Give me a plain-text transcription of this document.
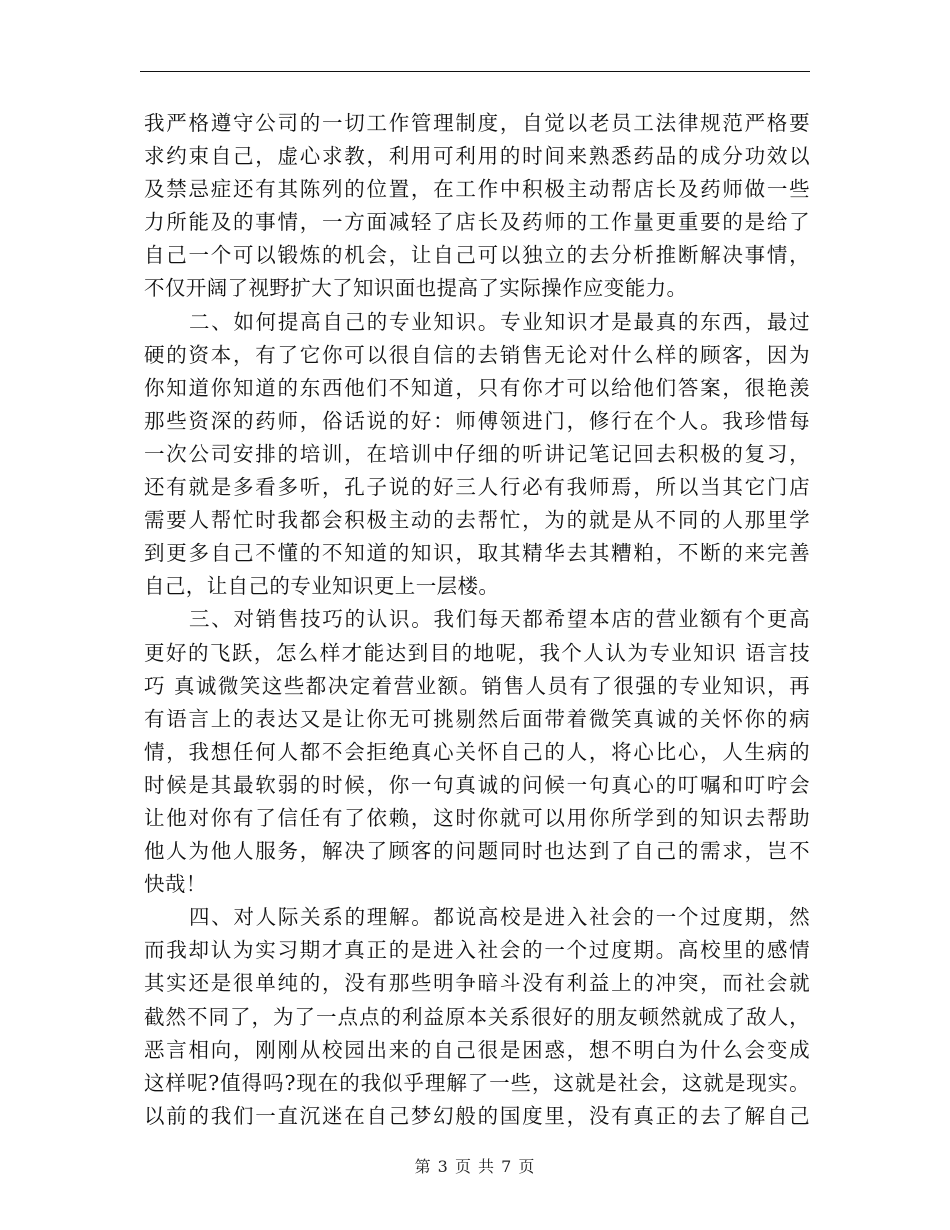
我严格遵守公司的一切工作管理制度，自觉以老员工法律规范严格要
求约束自己，虚心求教，利用可利用的时间来熟悉药品的成分功效以
及禁忌症还有其陈列的位置，在工作中积极主动帮店长及药师做一些
力所能及的事情，一方面减轻了店长及药师的工作量更重要的是给了
自己一个可以锻炼的机会，让自己可以独立的去分析推断解决事情，
不仅开阔了视野扩大了知识面也提高了实际操作应变能力。
二、如何提高自己的专业知识。专业知识才是最真的东西，最过
硬的资本，有了它你可以很自信的去销售无论对什么样的顾客，因为
你知道你知道的东西他们不知道，只有你才可以给他们答案，很艳羡
那些资深的药师，俗话说的好：师傅领进门，修行在个人。我珍惜每
一次公司安排的培训，在培训中仔细的听讲记笔记回去积极的复习，
还有就是多看多听，孔子说的好三人行必有我师焉，所以当其它门店
需要人帮忙时我都会积极主动的去帮忙，为的就是从不同的人那里学
到更多自己不懂的不知道的知识，取其精华去其糟粕，不断的来完善
自己，让自己的专业知识更上一层楼。
三、对销售技巧的认识。我们每天都希望本店的营业额有个更高
更好的飞跃，怎么样才能达到目的地呢，我个人认为专业知识 语言技
巧 真诚微笑这些都决定着营业额。销售人员有了很强的专业知识，再
有语言上的表达又是让你无可挑剔然后面带着微笑真诚的关怀你的病
情，我想任何人都不会拒绝真心关怀自己的人，将心比心，人生病的
时候是其最软弱的时候，你一句真诚的问候一句真心的叮嘱和叮咛会
让他对你有了信任有了依赖，这时你就可以用你所学到的知识去帮助
他人为他人服务，解决了顾客的问题同时也达到了自己的需求，岂不
快哉！
四、对人际关系的理解。都说高校是进入社会的一个过度期，然
而我却认为实习期才真正的是进入社会的一个过度期。高校里的感情
其实还是很单纯的，没有那些明争暗斗没有利益上的冲突，而社会就
截然不同了，为了一点点的利益原本关系很好的朋友顿然就成了敌人，
恶言相向，刚刚从校园出来的自己很是困惑，想不明白为什么会变成
这样呢?值得吗?现在的我似乎理解了一些，这就是社会，这就是现实。
以前的我们一直沉迷在自己梦幻般的国度里，没有真正的去了解自己
第 3 页 共 7 页
